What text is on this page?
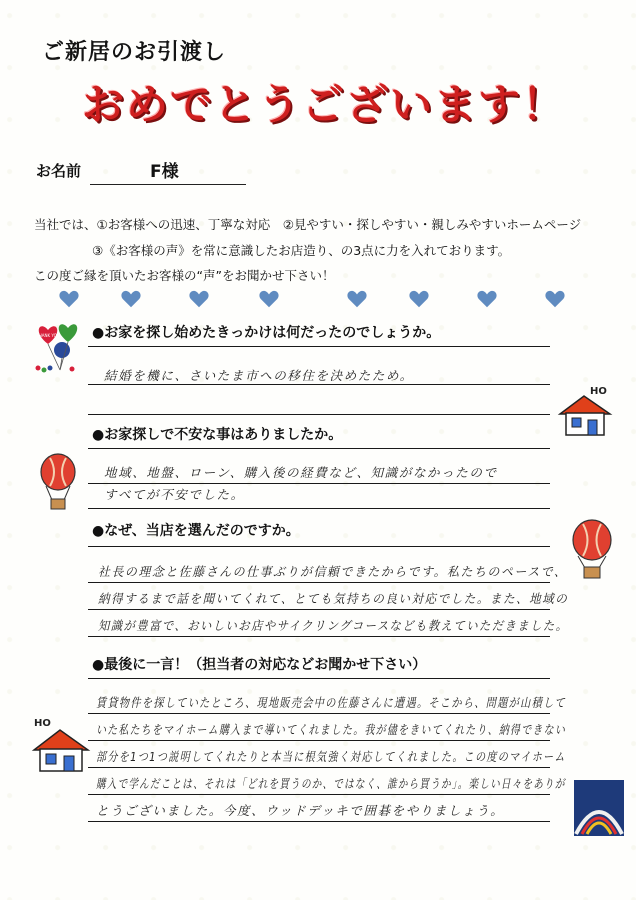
ご新居のお引渡し
おめでとうございます！
お名前	F様
当社では、①お客様への迅速、丁寧な対応　②見やすい・探しやすい・親しみやすいホームページ
③《お客様の声》を常に意識したお店造り、の3点に力を入れております。
この度ご縁を頂いたお客様の“声”をお聞かせ下さい！
THANK YOU
HO
HO
●お家を探し始めたきっかけは何だったのでしょうか。
結婚を機に、さいたま市への移住を決めたため。
●お家探しで不安な事はありましたか。
地域、地盤、ローン、購入後の経費など、知識がなかったので
すべてが不安でした。
●なぜ、当店を選んだのですか。
社長の理念と佐藤さんの仕事ぶりが信頼できたからです。私たちのペースで、
納得するまで話を聞いてくれて、とても気持ちの良い対応でした。また、地域の
知識が豊富で、おいしいお店やサイクリングコースなども教えていただきました。
●最後に一言！（担当者の対応などお聞かせ下さい）
賃貸物件を探していたところ、現地販売会中の佐藤さんに遭遇。そこから、問題が山積して
いた私たちをマイホーム購入まで導いてくれました。我が儘をきいてくれたり、納得できない
部分を1つ1つ説明してくれたりと本当に根気強く対応してくれました。この度のマイホーム
購入で学んだことは、それは「どれを買うのか、ではなく、誰から買うか」。楽しい日々をありが
とうございました。今度、ウッドデッキで囲碁をやりましょう。
